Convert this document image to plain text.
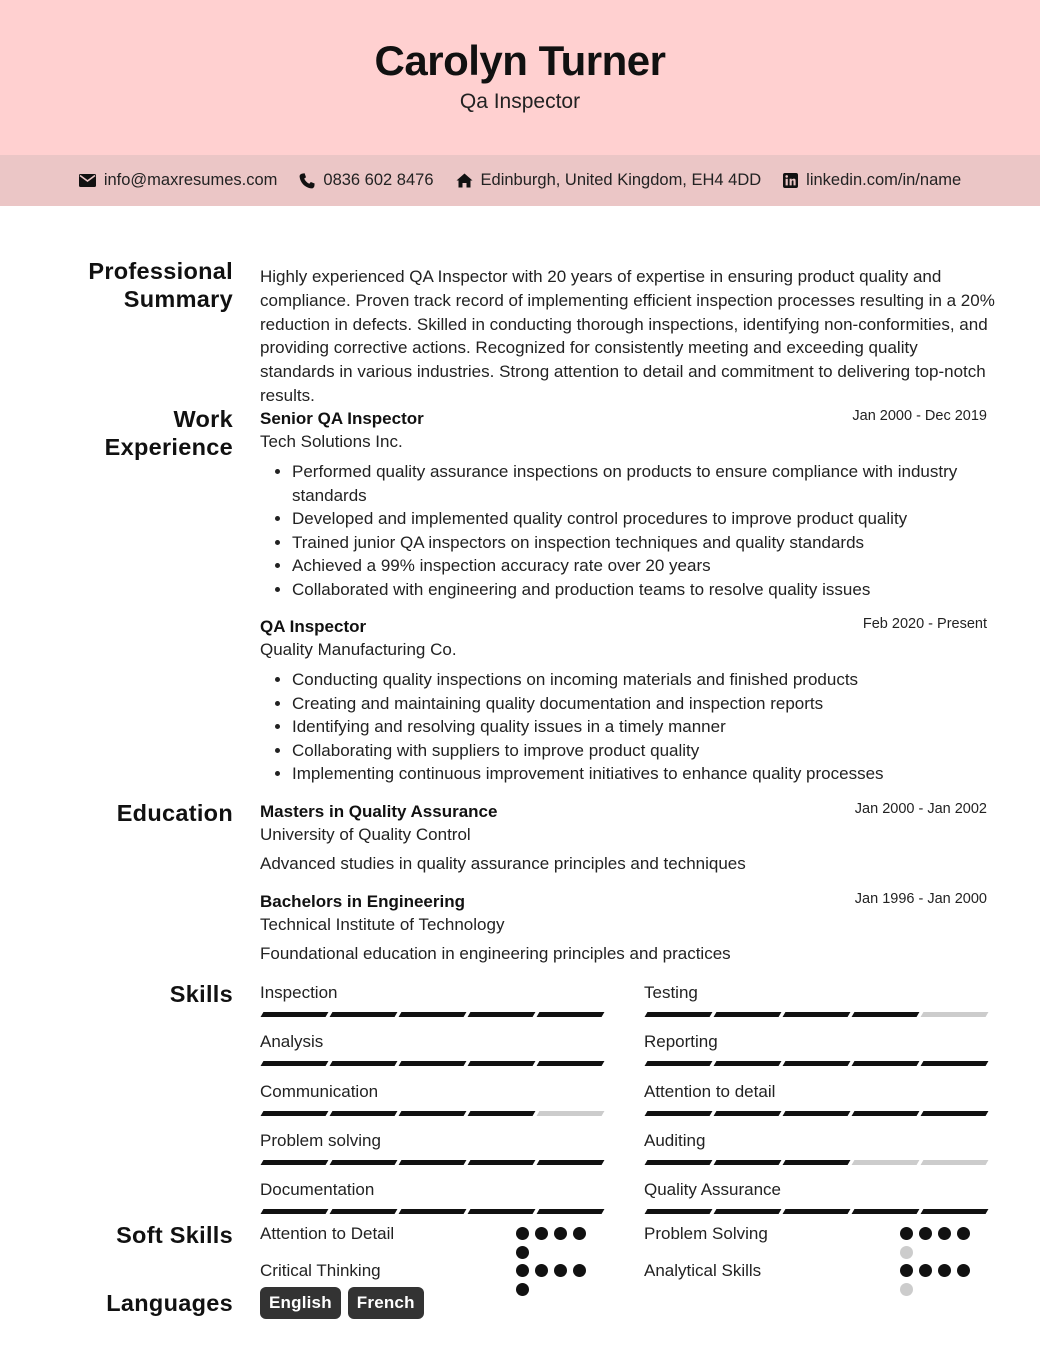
Carolyn Turner
Qa Inspector
info@maxresumes.com	0836 602 8476	Edinburgh, United Kingdom, EH4 4DD	linkedin.com/in/name
Professional Summary
Highly experienced QA Inspector with 20 years of expertise in ensuring product quality and compliance. Proven track record of implementing efficient inspection processes resulting in a 20% reduction in defects. Skilled in conducting thorough inspections, identifying non-conformities, and providing corrective actions. Recognized for consistently meeting and exceeding quality standards in various industries. Strong attention to detail and commitment to delivering top-notch results.
Work Experience
Senior QA Inspector	Jan 2000 - Dec 2019
Tech Solutions Inc.
• Performed quality assurance inspections on products to ensure compliance with industry standards
• Developed and implemented quality control procedures to improve product quality
• Trained junior QA inspectors on inspection techniques and quality standards
• Achieved a 99% inspection accuracy rate over 20 years
• Collaborated with engineering and production teams to resolve quality issues
QA Inspector	Feb 2020 - Present
Quality Manufacturing Co.
• Conducting quality inspections on incoming materials and finished products
• Creating and maintaining quality documentation and inspection reports
• Identifying and resolving quality issues in a timely manner
• Collaborating with suppliers to improve product quality
• Implementing continuous improvement initiatives to enhance quality processes
Education Masters in Quality Assurance	Jan 2000 - Jan 2002
University of Quality Control
Advanced studies in quality assurance principles and techniques
Bachelors in Engineering	Jan 1996 - Jan 2000
Technical Institute of Technology
Foundational education in engineering principles and practices
Skills Inspection	Testing
Analysis	Reporting
Communication	Attention to detail
Problem solving	Auditing
Documentation	Quality Assurance
Soft Skills Attention to Detail	Problem Solving
Critical Thinking	Analytical Skills
Languages	English	French
